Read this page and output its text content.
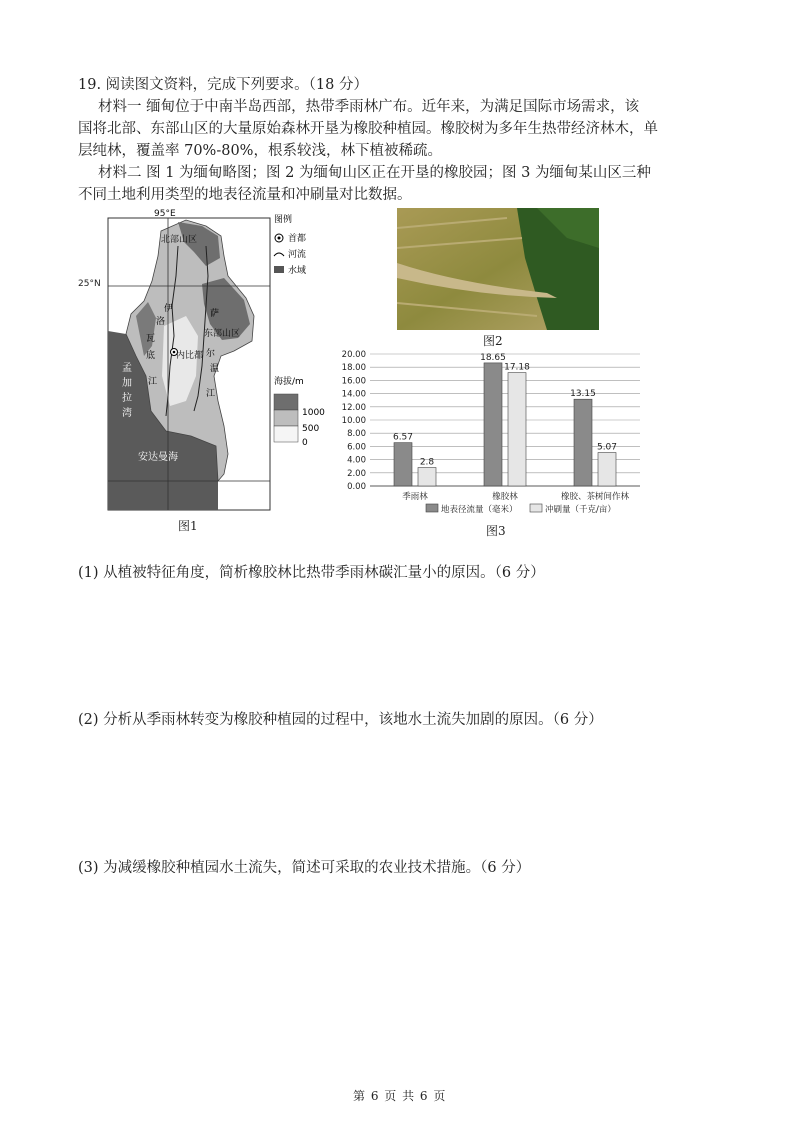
19. 阅读图文资料，完成下列要求。（18 分）
材料一 缅甸位于中南半岛西部，热带季雨林广布。近年来，为满足国际市场需求，该
国将北部、东部山区的大量原始森林开垦为橡胶种植园。橡胶树为多年生热带经济林木，单
层纯林，覆盖率 70%-80%，根系较浅，林下植被稀疏。
材料二 图 1 为缅甸略图；图 2 为缅甸山区正在开垦的橡胶园；图 3 为缅甸某山区三种
不同土地利用类型的地表径流量和冲刷量对比数据。
北部山区
东部山区
内比都
孟
加
拉
湾
安达曼海
伊
洛
瓦
底
江
萨
尔
温
江
95°E
25°N
图例
首都
河流
水域
海拔/m
1000
500
0
图1
图2
0.00
2.00
4.00
6.00
8.00
10.00
12.00
14.00
16.00
18.00
20.00
6.57
2.8
季雨林
18.65
17.18
橡胶林
13.15
5.07
橡胶、茶树间作林
地表径流量（毫米）	冲刷量（千克/亩）
图3
(1) 从植被特征角度，简析橡胶林比热带季雨林碳汇量小的原因。（6 分）
(2) 分析从季雨林转变为橡胶种植园的过程中，该地水土流失加剧的原因。（6 分）
(3) 为减缓橡胶种植园水土流失，简述可采取的农业技术措施。（6 分）
第 6 页 共 6 页
